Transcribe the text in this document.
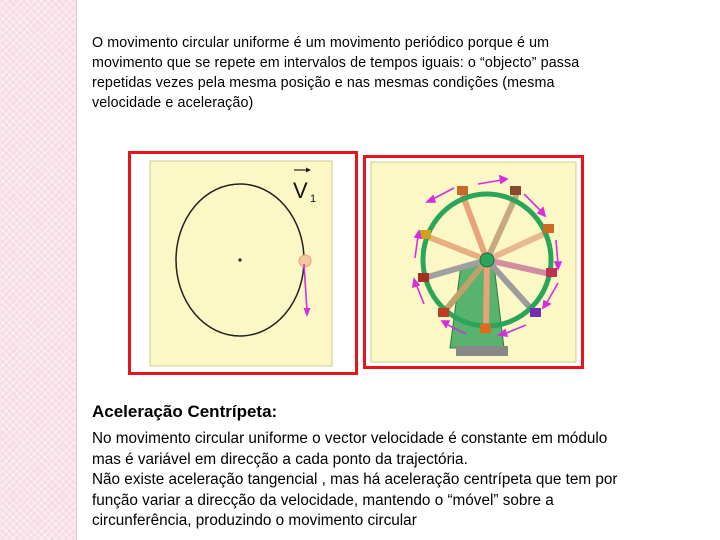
O movimento circular uniforme é um movimento periódico porque é um
movimento que se repete em intervalos de tempos iguais: o “objecto” passa
repetidas vezes pela mesma posição e nas mesmas condições (mesma
velocidade e aceleração)
V 1
Aceleração Centrípeta:
No movimento circular uniforme o vector velocidade é constante em módulo
mas é variável em direcção a cada ponto da trajectória.
Não existe aceleração tangencial , mas há aceleração centrípeta que tem por
função variar a direcção da velocidade, mantendo o “móvel” sobre a
circunferência, produzindo o movimento circular
